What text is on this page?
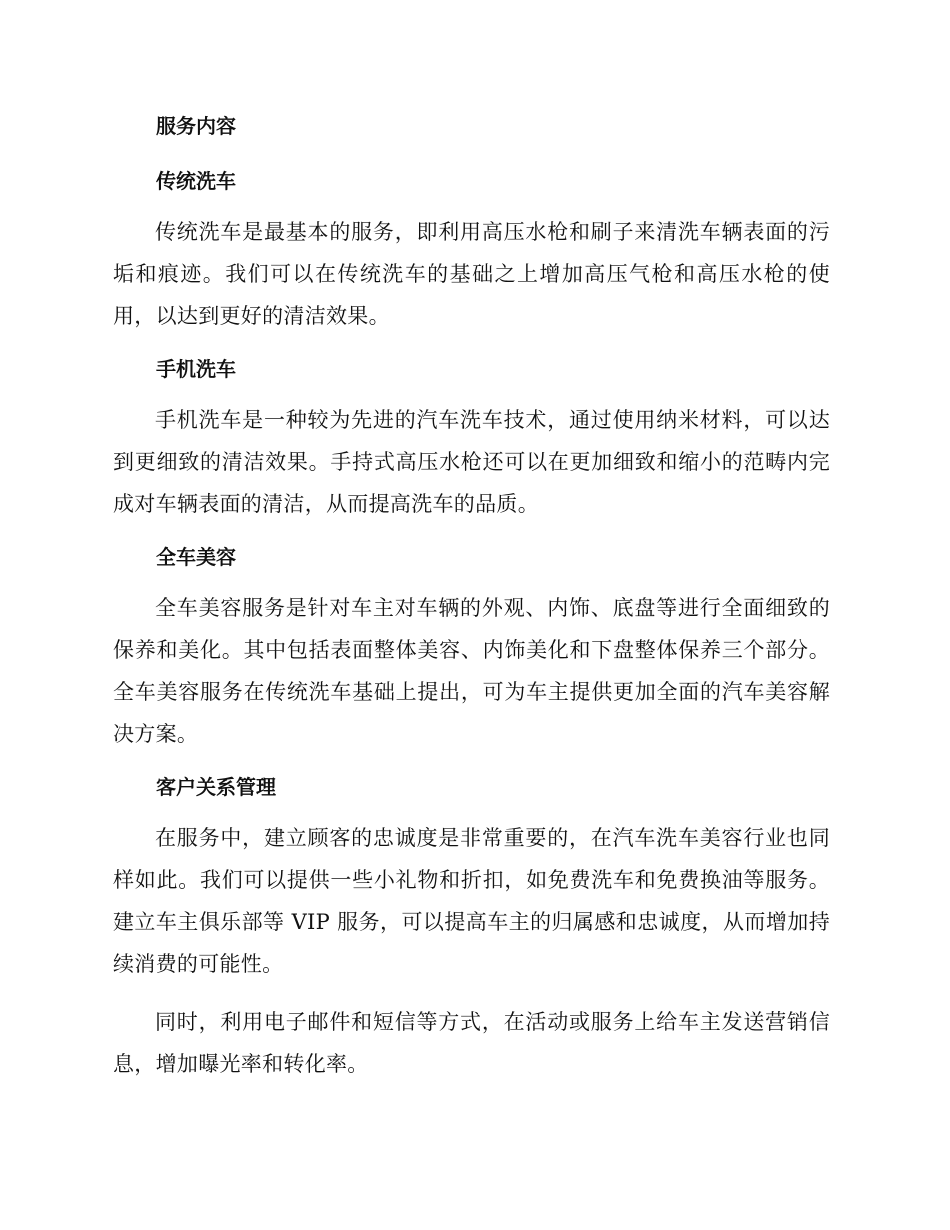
服务内容
传统洗车

传统洗车是最基本的服务，即利用高压水枪和刷子来清洗车辆表面的污垢和痕迹。我们可以在传统洗车的基础之上增加高压气枪和高压水枪的使用，以达到更好的清洁效果。

手机洗车

手机洗车是一种较为先进的汽车洗车技术，通过使用纳米材料，可以达到更细致的清洁效果。手持式高压水枪还可以在更加细致和缩小的范畴内完成对车辆表面的清洁，从而提高洗车的品质。

全车美容

全车美容服务是针对车主对车辆的外观、内饰、底盘等进行全面细致的保养和美化。其中包括表面整体美容、内饰美化和下盘整体保养三个部分。全车美容服务在传统洗车基础上提出，可为车主提供更加全面的汽车美容解决方案。

客户关系管理

在服务中，建立顾客的忠诚度是非常重要的，在汽车洗车美容行业也同样如此。我们可以提供一些小礼物和折扣，如免费洗车和免费换油等服务。建立车主俱乐部等 VIP 服务，可以提高车主的归属感和忠诚度，从而增加持续消费的可能性。

同时，利用电子邮件和短信等方式，在活动或服务上给车主发送营销信息，增加曝光率和转化率。
